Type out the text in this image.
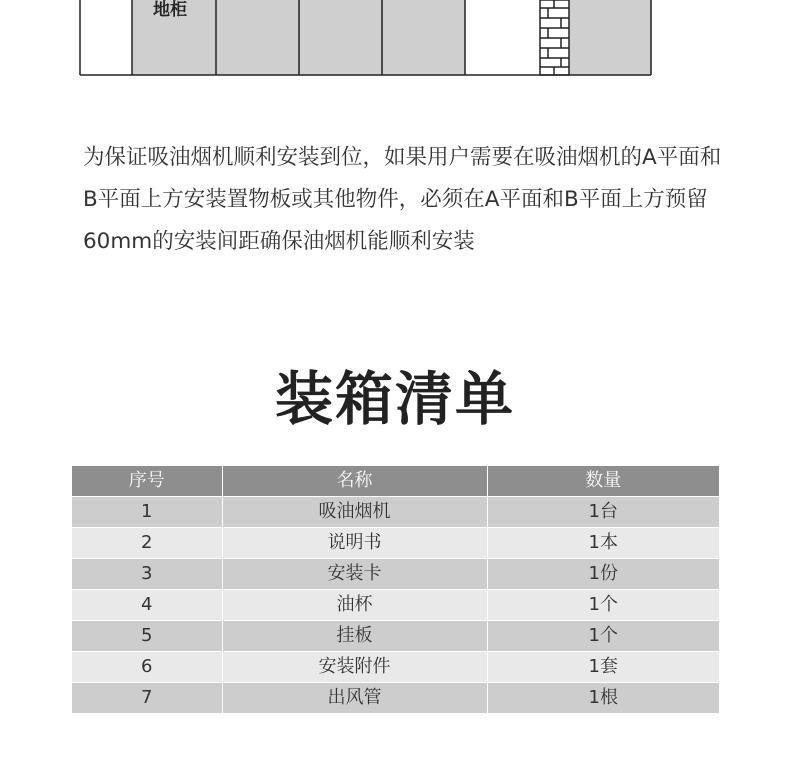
地柜

为保证吸油烟机顺利安装到位，如果用户需要在吸油烟机的A平面和B平面上方安装置物板或其他物件，必须在A平面和B平面上方预留60mm的安装间距确保油烟机能顺利安装

装箱清单
序号	名称	数量
1	吸油烟机	1台
2	说明书	1本
3	安装卡	1份
4	油杯	1个
5	挂板	1个
6	安装附件	1套
7	出风管	1根
